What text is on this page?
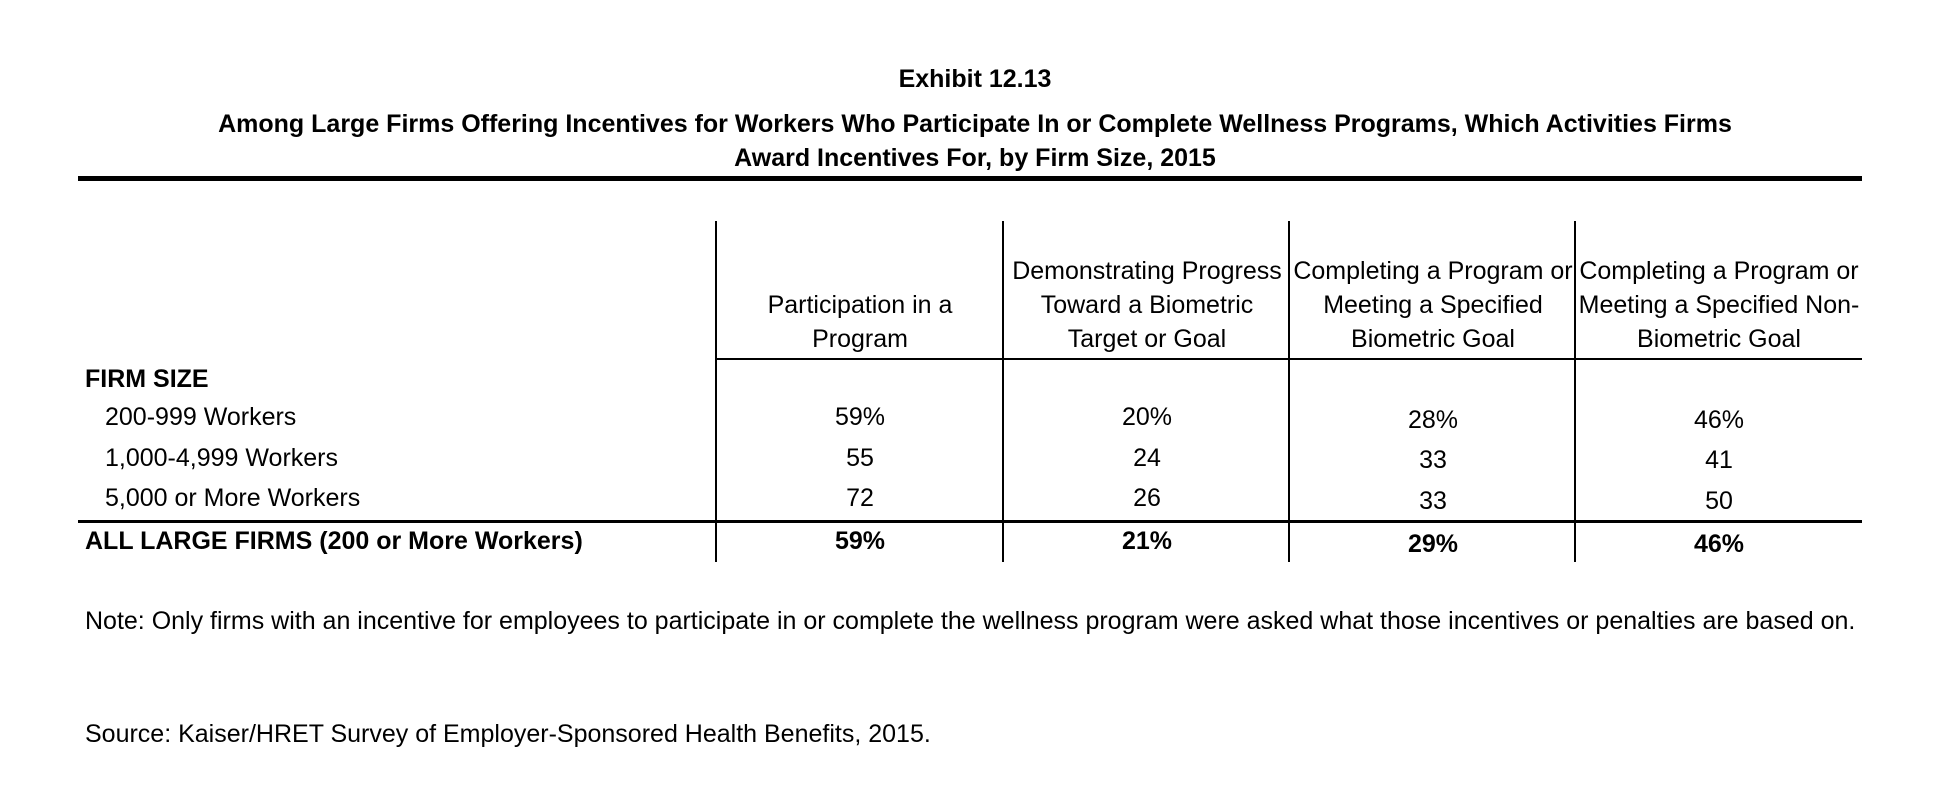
Exhibit 12.13
Among Large Firms Offering Incentives for Workers Who Participate In or Complete Wellness Programs, Which Activities Firms
Award Incentives For, by Firm Size, 2015
Participation in a Program
Demonstrating Progress Toward a Biometric Target or Goal
Completing a Program or Meeting a Specified Biometric Goal
Completing a Program or Meeting a Specified Non-Biometric Goal
FIRM SIZE
200-999 Workers	59%	20%	28%	46%
1,000-4,999 Workers	55	24	33	41
5,000 or More Workers	72	26	33	50
ALL LARGE FIRMS (200 or More Workers)	59%	21%	29%	46%
Note: Only firms with an incentive for employees to participate in or complete the wellness program were asked what those incentives or penalties are based on.
Source: Kaiser/HRET Survey of Employer-Sponsored Health Benefits, 2015.
